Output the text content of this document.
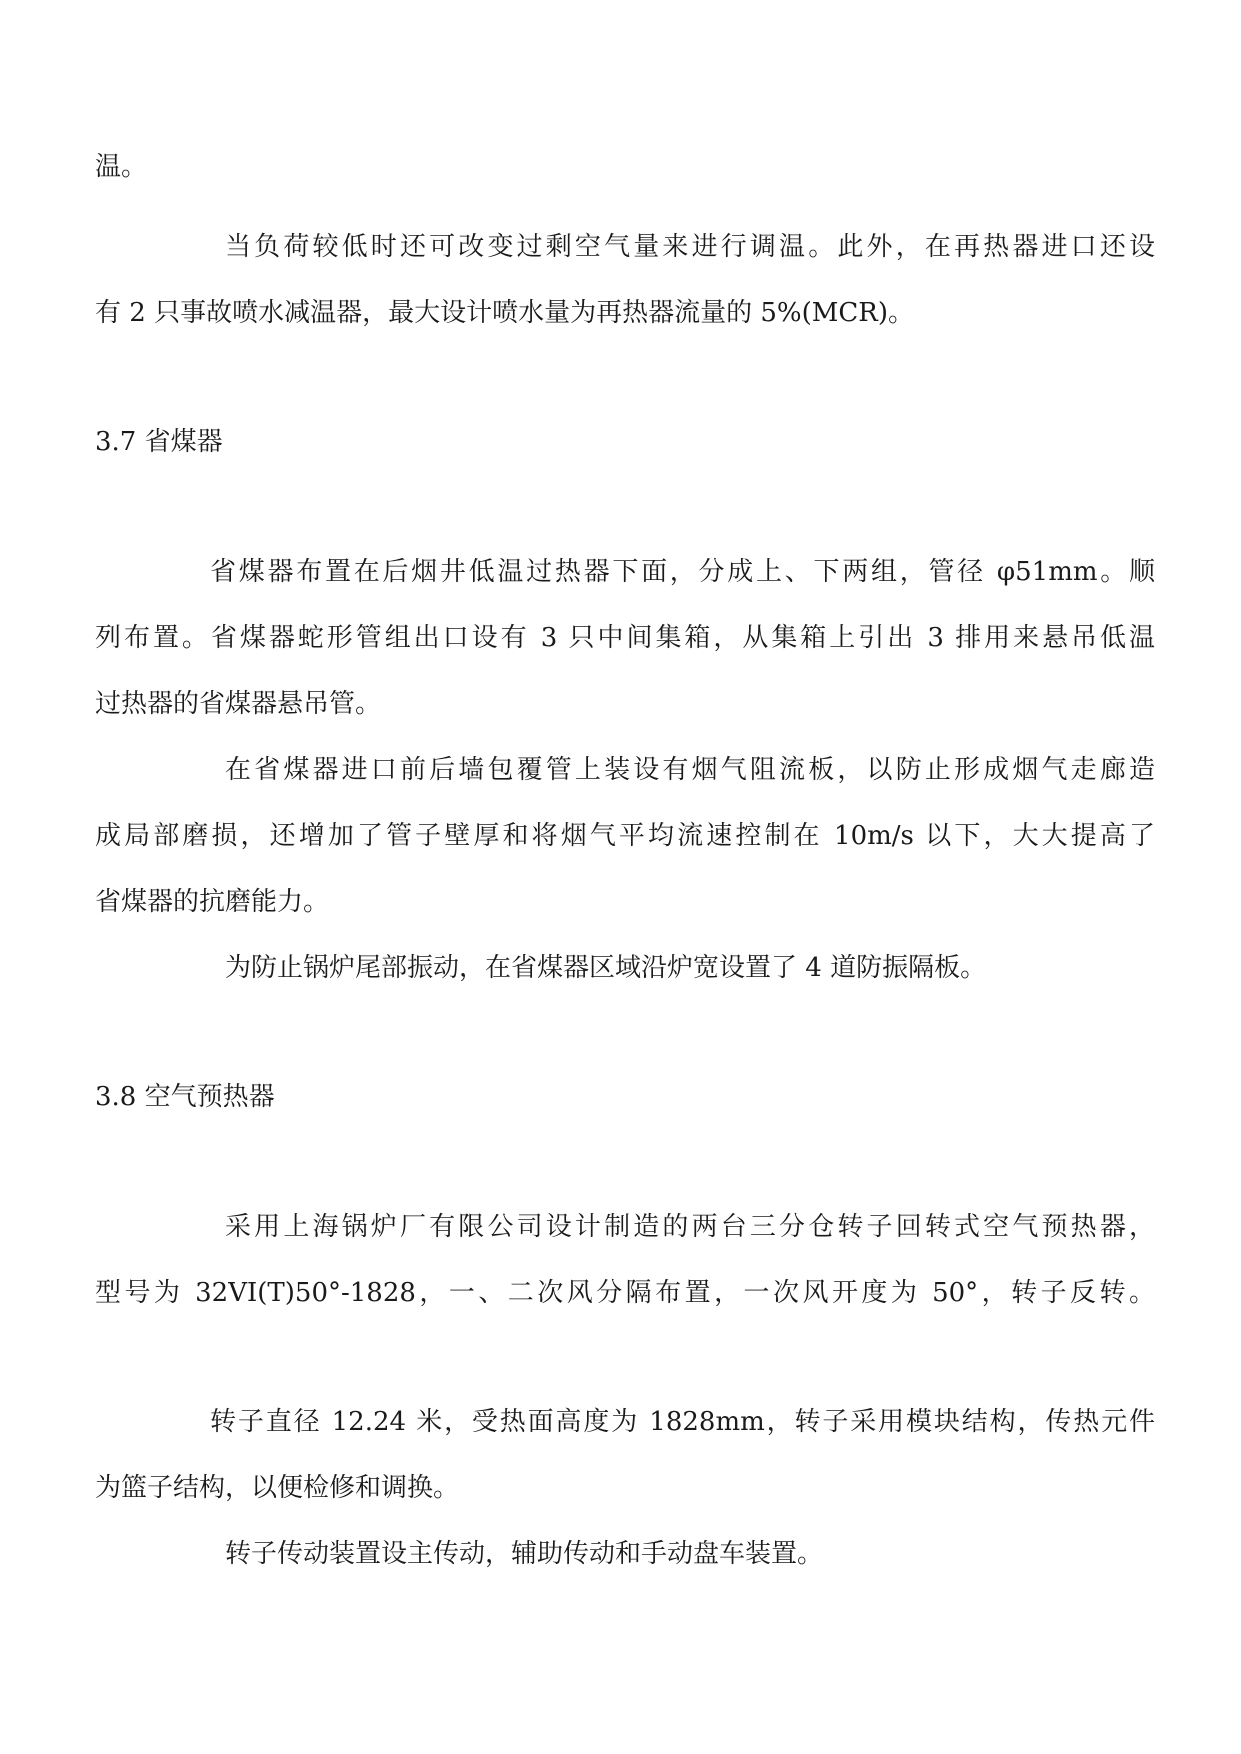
温。
当负荷较低时还可改变过剩空气量来进行调温。此外，在再热器进口还设
有 2 只事故喷水减温器，最大设计喷水量为再热器流量的 5%(MCR)。
3.7 省煤器
省煤器布置在后烟井低温过热器下面，分成上、下两组，管径 φ51mm。顺
列布置。省煤器蛇形管组出口设有 3 只中间集箱，从集箱上引出 3 排用来悬吊低温
过热器的省煤器悬吊管。
在省煤器进口前后墙包覆管上装设有烟气阻流板，以防止形成烟气走廊造
成局部磨损，还增加了管子壁厚和将烟气平均流速控制在 10m/s 以下，大大提高了
省煤器的抗磨能力。
为防止锅炉尾部振动，在省煤器区域沿炉宽设置了 4 道防振隔板。
3.8 空气预热器
采用上海锅炉厂有限公司设计制造的两台三分仓转子回转式空气预热器，
型号为 32VI(T)50°-1828，一、二次风分隔布置，一次风开度为 50°，转子反转。
转子直径 12.24 米，受热面高度为 1828mm，转子采用模块结构，传热元件
为篮子结构，以便检修和调换。
转子传动装置设主传动，辅助传动和手动盘车装置。
